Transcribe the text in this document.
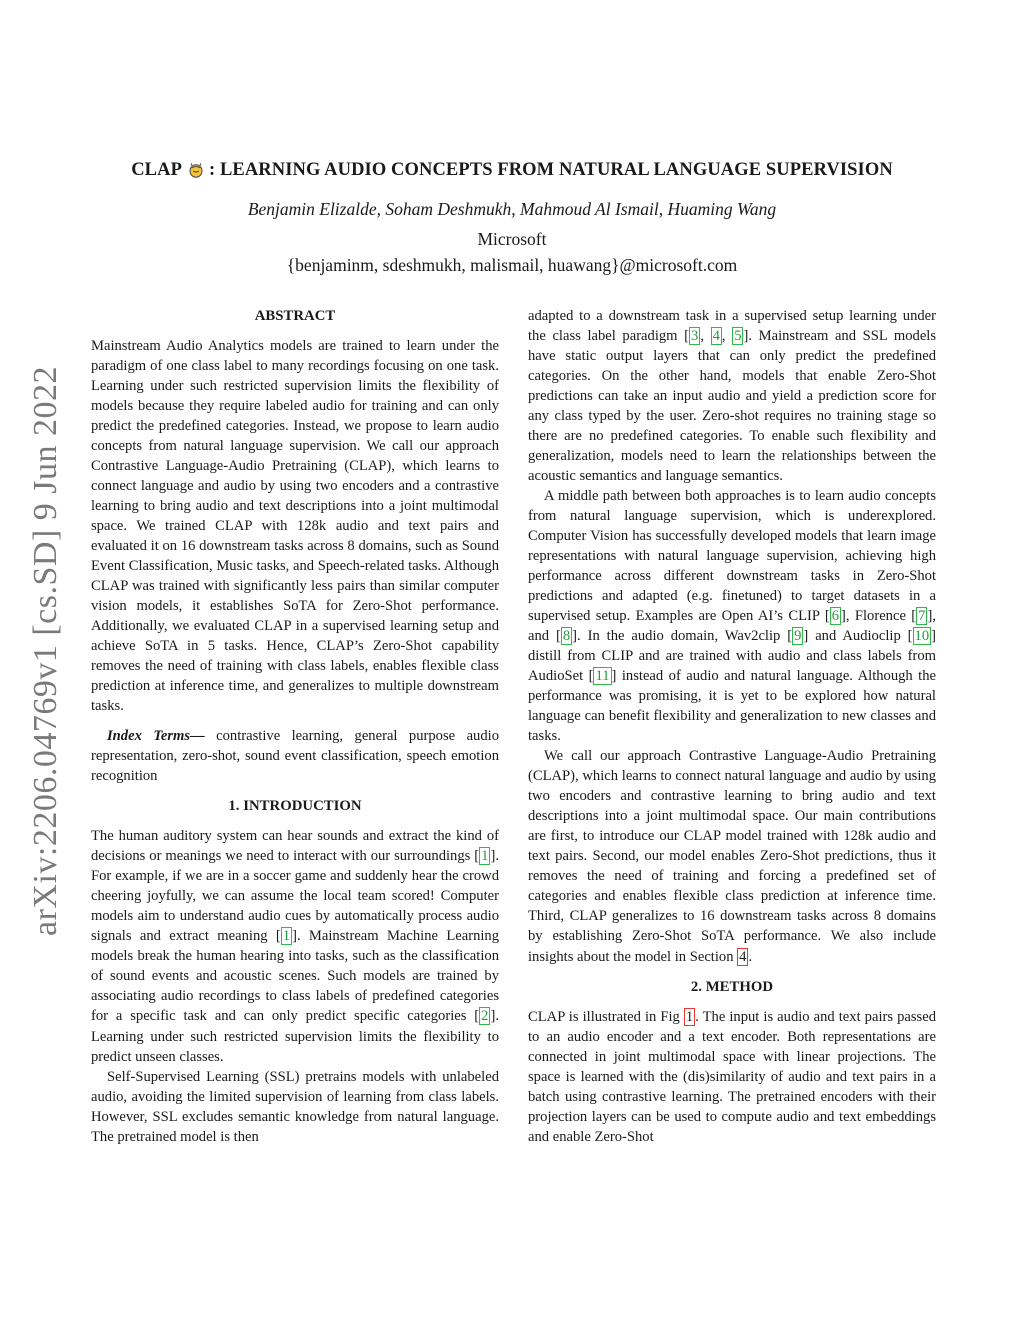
arXiv:2206.04769v1 [cs.SD] 9 Jun 2022
CLAP : LEARNING AUDIO CONCEPTS FROM NATURAL LANGUAGE SUPERVISION
Benjamin Elizalde, Soham Deshmukh, Mahmoud Al Ismail, Huaming Wang
Microsoft
{benjaminm, sdeshmukh, malismail, huawang}@microsoft.com
ABSTRACT

Mainstream Audio Analytics models are trained to learn under the paradigm of one class label to many recordings focusing on one task. Learning under such restricted supervision limits the flexibility of models because they require labeled audio for training and can only predict the predefined categories. Instead, we propose to learn audio concepts from natural language supervision. We call our approach Contrastive Language-Audio Pretraining (CLAP), which learns to connect language and audio by using two encoders and a contrastive learning to bring audio and text descriptions into a joint multimodal space. We trained CLAP with 128k audio and text pairs and evaluated it on 16 downstream tasks across 8 domains, such as Sound Event Classification, Music tasks, and Speech-related tasks. Although CLAP was trained with significantly less pairs than similar computer vision models, it establishes SoTA for Zero-Shot performance. Additionally, we evaluated CLAP in a supervised learning setup and achieve SoTA in 5 tasks. Hence, CLAP’s Zero-Shot capability removes the need of training with class labels, enables flexible class prediction at inference time, and generalizes to multiple downstream tasks.

Index Terms— contrastive learning, general purpose audio representation, zero-shot, sound event classification, speech emotion recognition

1. INTRODUCTION

The human auditory system can hear sounds and extract the kind of decisions or meanings we need to interact with our surroundings [ 1 ]. For example, if we are in a soccer game and suddenly hear the crowd cheering joyfully, we can assume the local team scored! Computer models aim to understand audio cues by automatically process audio signals and extract meaning [ 1 ]. Mainstream Machine Learning models break the human hearing into tasks, such as the classification of sound events and acoustic scenes. Such models are trained by associating audio recordings to class labels of predefined categories for a specific task and can only predict specific categories [ 2 ]. Learning under such restricted supervision limits the flexibility to predict unseen classes.

Self-Supervised Learning (SSL) pretrains models with unlabeled audio, avoiding the limited supervision of learning from class labels. However, SSL excludes semantic knowledge from natural language. The pretrained model is then

adapted to a downstream task in a supervised setup learning under the class label paradigm [ 3 , 4 , 5 ]. Mainstream and SSL models have static output layers that can only predict the predefined categories. On the other hand, models that enable Zero-Shot predictions can take an input audio and yield a prediction score for any class typed by the user. Zero-shot requires no training stage so there are no predefined categories. To enable such flexibility and generalization, models need to learn the relationships between the acoustic semantics and language semantics.

A middle path between both approaches is to learn audio concepts from natural language supervision, which is underexplored. Computer Vision has successfully developed models that learn image representations with natural language supervision, achieving high performance across different downstream tasks in Zero-Shot predictions and adapted (e.g. finetuned) to target datasets in a supervised setup. Examples are Open AI’s CLIP [ 6 ], Florence [ 7 ], and [ 8 ]. In the audio domain, Wav2clip [ 9 ] and Audioclip [ 10 ] distill from CLIP and are trained with audio and class labels from AudioSet [ 11 ] instead of audio and natural language. Although the performance was promising, it is yet to be explored how natural language can benefit flexibility and generalization to new classes and tasks.

We call our approach Contrastive Language-Audio Pretraining (CLAP), which learns to connect natural language and audio by using two encoders and contrastive learning to bring audio and text descriptions into a joint multimodal space. Our main contributions are first, to introduce our CLAP model trained with 128k audio and text pairs. Second, our model enables Zero-Shot predictions, thus it removes the need of training and forcing a predefined set of categories and enables flexible class prediction at inference time. Third, CLAP generalizes to 16 downstream tasks across 8 domains by establishing Zero-Shot SoTA performance. We also include insights about the model in Section 4 .

2. METHOD

CLAP is illustrated in Fig 1 . The input is audio and text pairs passed to an audio encoder and a text encoder. Both representations are connected in joint multimodal space with linear projections. The space is learned with the (dis)similarity of audio and text pairs in a batch using contrastive learning. The pretrained encoders with their projection layers can be used to compute audio and text embeddings and enable Zero-Shot
